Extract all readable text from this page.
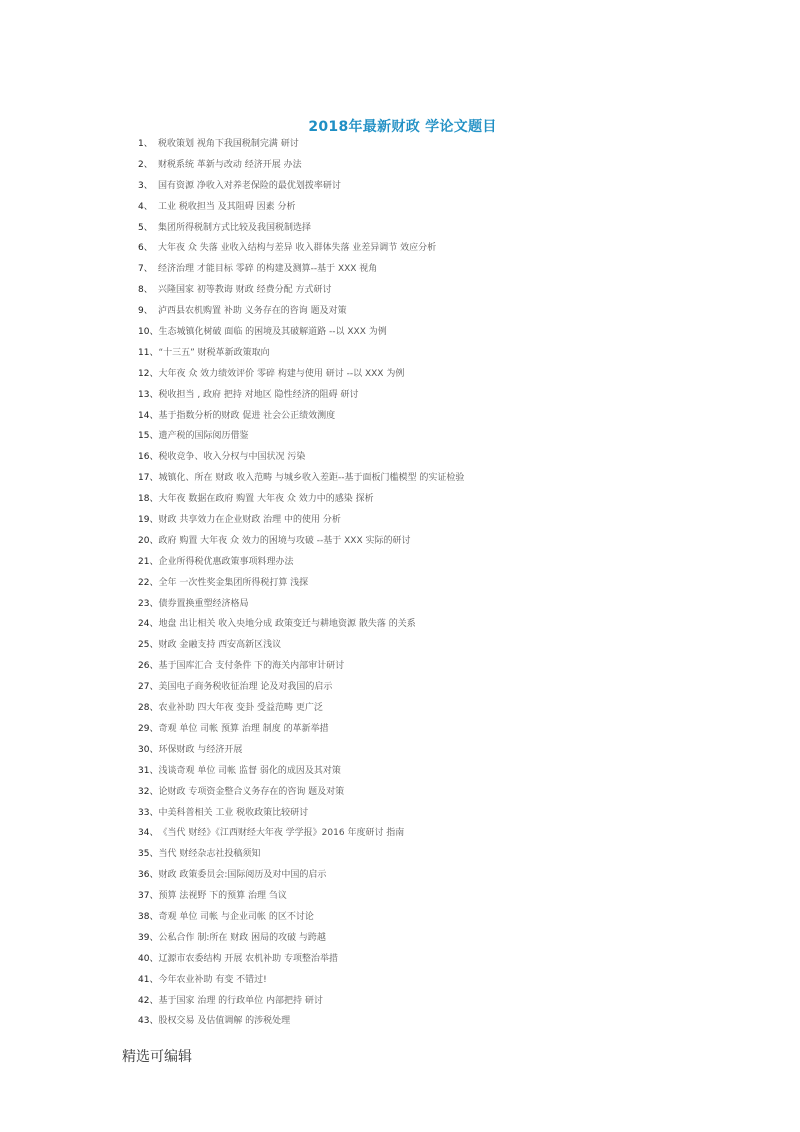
2018年最新财政 学论文题目
1、 税收策划 视角下我国税制完满 研讨
2、 财税系统 革新与改动 经济开展 办法
3、 国有资源 净收入对养老保险的最优划拨率研讨
4、 工业 税收担当 及其阻碍 因素 分析
5、 集团所得税制方式比较及我国税制选择
6、 大年夜 众 失落 业收入结构与差异 收入群体失落 业差异调节 效应分析
7、 经济治理 才能目标 零碎 的构建及测算--基于 XXX 视角
8、 兴隆国家 初等教诲 财政 经费分配 方式研讨
9、 泸西县农机购置 补助 义务存在的咨询 题及对策
10、生态城镇化树破 面临 的困境及其破解道路 --以 XXX 为例
11、“十三五” 财税革新政策取向
12、大年夜 众 效力绩效评价 零碎 构建与使用 研讨 --以 XXX 为例
13、税收担当 , 政府 把持 对地区 隐性经济的阻碍 研讨
14、基于指数分析的财政 促进 社会公正绩效测度
15、遗产税的国际阅历借鉴
16、税收竞争、收入分权与中国状况 污染
17、城镇化、所在 财政 收入范畴 与城乡收入差距--基于面板门槛模型 的实证检验
18、大年夜 数据在政府 购置 大年夜 众 效力中的感染 探析
19、财政 共享效力在企业财政 治理 中的使用 分析
20、政府 购置 大年夜 众 效力的困境与攻破 --基于 XXX 实际的研讨
21、企业所得税优惠政策事项料理办法
22、全年 一次性奖金集团所得税打算 浅探
23、债券置换重塑经济格局
24、地盘 出让相关 收入央地分成 政策变迁与耕地资源 散失落 的关系
25、财政 金融支持 西安高新区浅议
26、基于国库汇合 支付条件 下的海关内部审计研讨
27、美国电子商务税收征治理 论及对我国的启示
28、农业补助 四大年夜 变卦 受益范畴 更广泛
29、奇观 单位 司帐 预算 治理 制度 的革新举措
30、环保财政 与经济开展
31、浅谈奇观 单位 司帐 监督 弱化的成因及其对策
32、论财政 专项资金整合义务存在的咨询 题及对策
33、中美科普相关 工业 税收政策比较研讨
34、《当代 财经》《江西财经大年夜 学学报》2016 年度研讨 指南
35、当代 财经杂志社投稿须知
36、财政 政策委员会:国际阅历及对中国的启示
37、预算 法视野 下的预算 治理 刍议
38、奇观 单位 司帐 与企业司帐 的区不讨论
39、公私合作 制:所在 财政 困局的攻破 与跨越
40、辽源市农委结构 开展 农机补助 专项整治举措
41、今年农业补助 有变 不错过!
42、基于国家 治理 的行政单位 内部把持 研讨
43、股权交易 及估值调解 的涉税处理
精选可编辑
